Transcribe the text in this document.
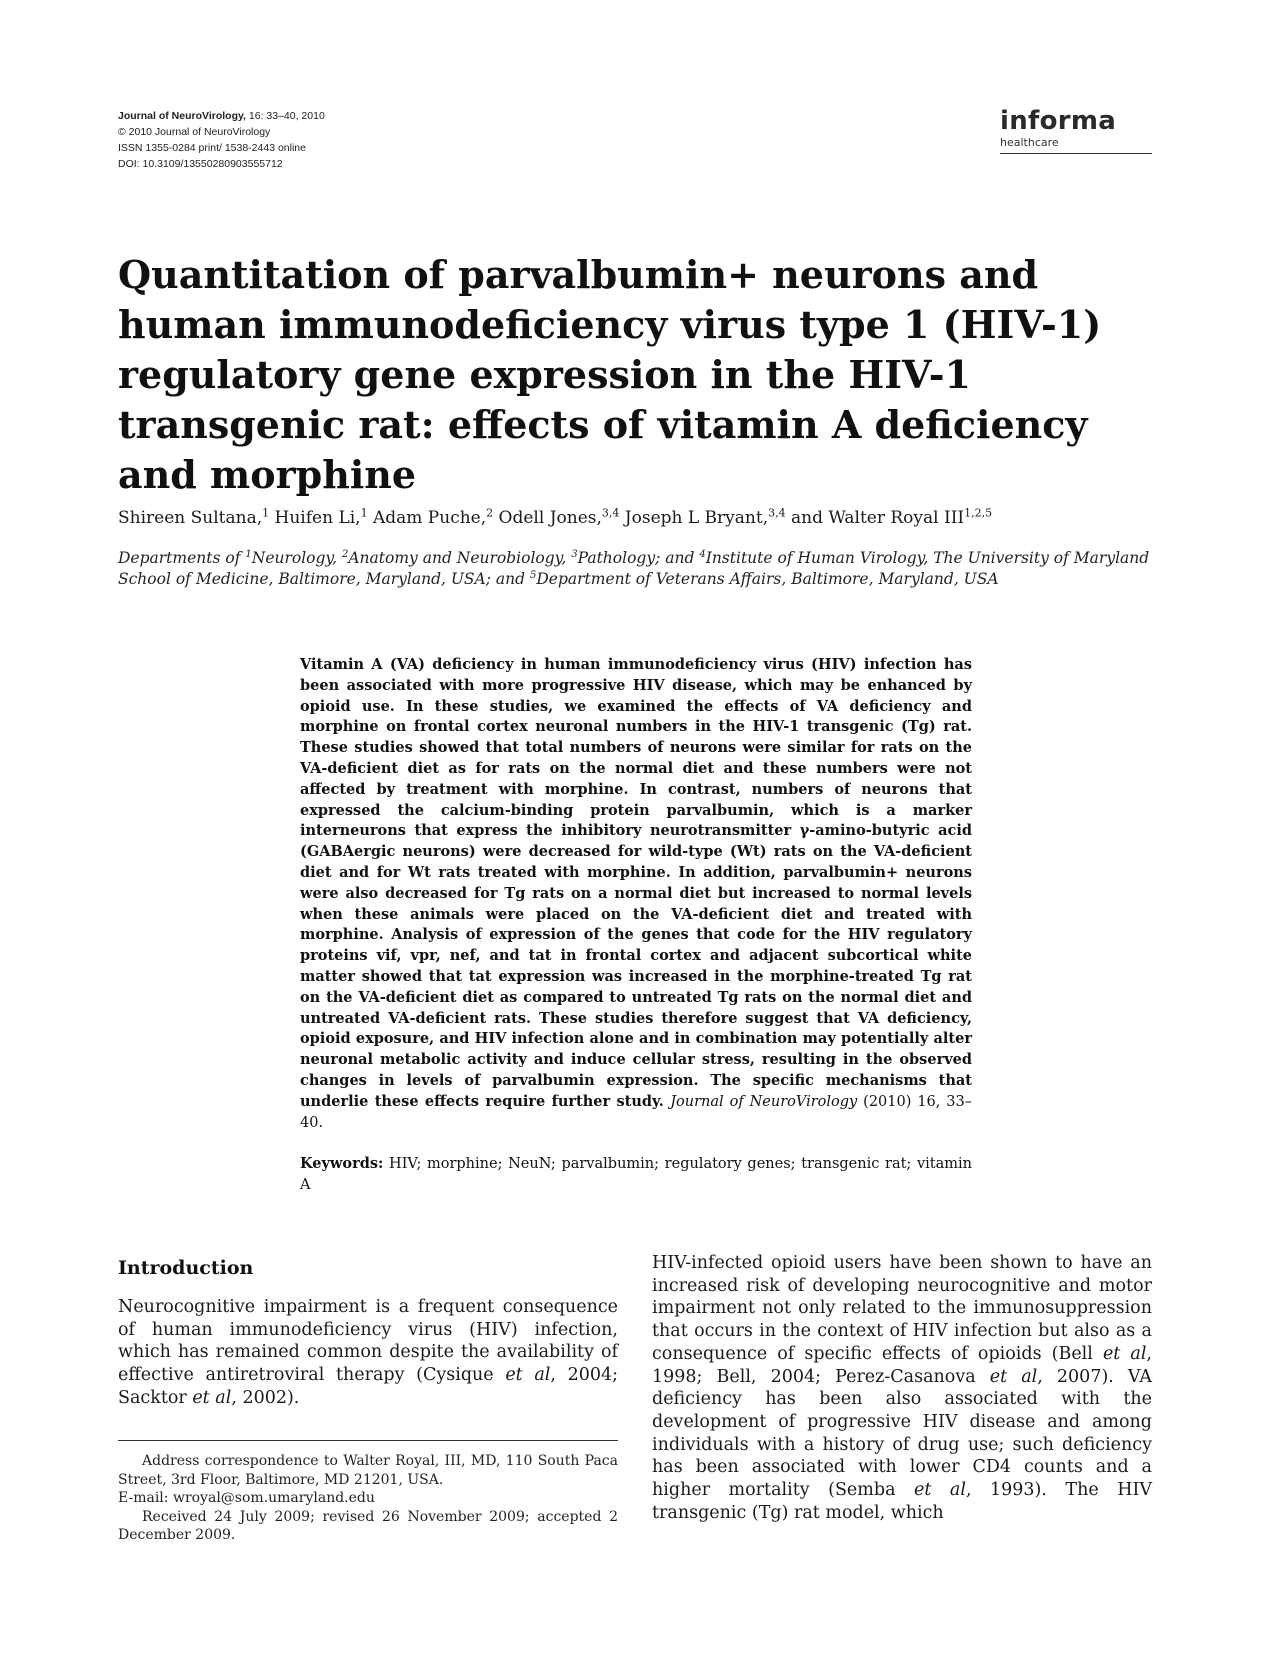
Journal of NeuroVirology, 16: 33–40, 2010
© 2010 Journal of NeuroVirology
ISSN 1355-0284 print/ 1538-2443 online
DOI: 10.3109/13550280903555712
informa
healthcare
Quantitation of parvalbumin+ neurons and human immunodeficiency virus type 1 (HIV-1) regulatory gene expression in the HIV-1 transgenic rat: effects of vitamin A deficiency and morphine
Shireen Sultana,$^1$ Huifen Li,$^1$ Adam Puche,$^2$ Odell Jones,$^{3,4}$ Joseph L Bryant,$^{3,4}$ and Walter Royal III$^{1,2,5}$
Departments of $^1$Neurology, $^2$Anatomy and Neurobiology, $^3$Pathology; and $^4$Institute of Human Virology, The University of Maryland School of Medicine, Baltimore, Maryland, USA; and $^5$Department of Veterans Affairs, Baltimore, Maryland, USA
Vitamin A (VA) deficiency in human immunodeficiency virus (HIV) infection has been associated with more progressive HIV disease, which may be enhanced by opioid use. In these studies, we examined the effects of VA deficiency and morphine on frontal cortex neuronal numbers in the HIV-1 transgenic (Tg) rat. These studies showed that total numbers of neurons were similar for rats on the VA-deficient diet as for rats on the normal diet and these numbers were not affected by treatment with morphine. In contrast, numbers of neurons that expressed the calcium-binding protein parvalbumin, which is a marker interneurons that express the inhibitory neurotransmitter γ-amino-butyric acid (GABAergic neurons) were decreased for wild-type (Wt) rats on the VA-deficient diet and for Wt rats treated with morphine. In addition, parvalbumin+ neurons were also decreased for Tg rats on a normal diet but increased to normal levels when these animals were placed on the VA-deficient diet and treated with morphine. Analysis of expression of the genes that code for the HIV regulatory proteins vif, vpr, nef, and tat in frontal cortex and adjacent subcortical white matter showed that tat expression was increased in the morphine-treated Tg rat on the VA-deficient diet as compared to untreated Tg rats on the normal diet and untreated VA-deficient rats. These studies therefore suggest that VA deficiency, opioid exposure, and HIV infection alone and in combination may potentially alter neuronal metabolic activity and induce cellular stress, resulting in the observed changes in levels of parvalbumin expression. The specific mechanisms that underlie these effects require further study. Journal of NeuroVirology (2010) 16, 33–40.
Keywords: HIV; morphine; NeuN; parvalbumin; regulatory genes; transgenic rat; vitamin A
Introduction
Neurocognitive impairment is a frequent consequence of human immunodeficiency virus (HIV) infection, which has remained common despite the availability of effective antiretroviral therapy (Cysique et al, 2004; Sacktor et al, 2002).
HIV-infected opioid users have been shown to have an increased risk of developing neurocognitive and motor impairment not only related to the immunosuppression that occurs in the context of HIV infection but also as a consequence of specific effects of opioids (Bell et al, 1998; Bell, 2004; Perez-Casanova et al, 2007). VA deficiency has been also associated with the development of progressive HIV disease and among individuals with a history of drug use; such deficiency has been associated with lower CD4 counts and a higher mortality (Semba et al, 1993). The HIV transgenic (Tg) rat model, which

Address correspondence to Walter Royal, III, MD, 110 South Paca Street, 3rd Floor, Baltimore, MD 21201, USA.

E-mail: wroyal@som.umaryland.edu

Received 24 July 2009; revised 26 November 2009; accepted 2 December 2009.
